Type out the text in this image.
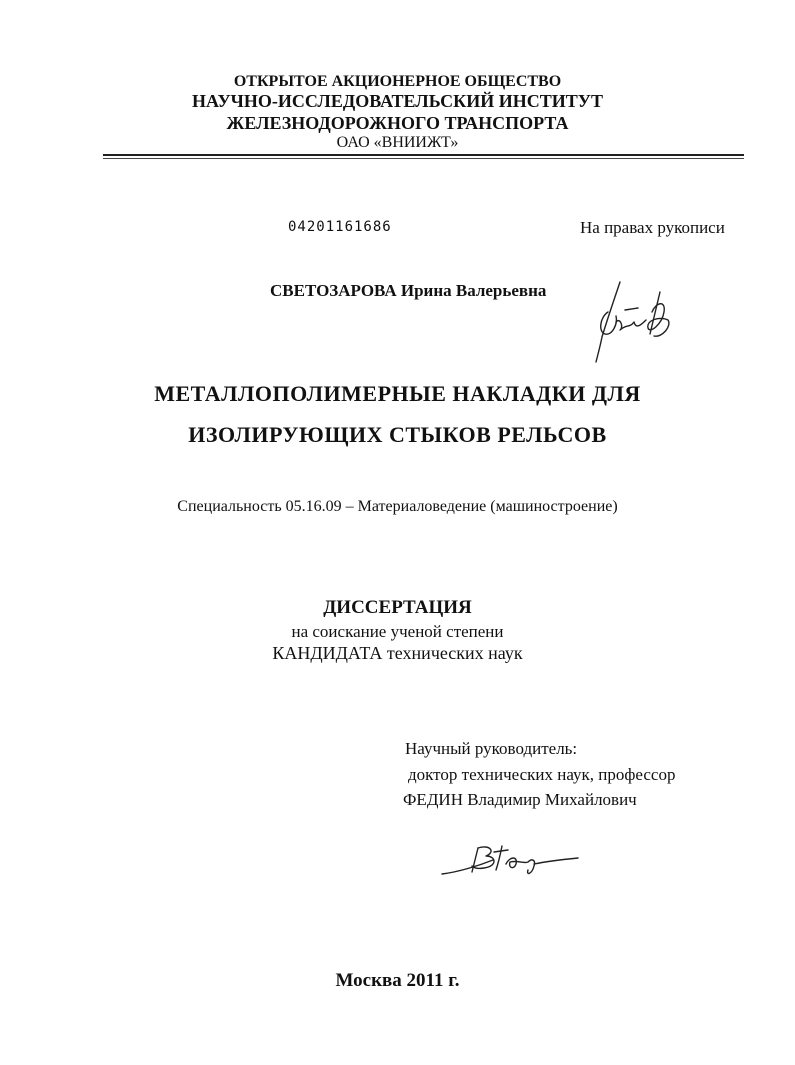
ОТКРЫТОЕ АКЦИОНЕРНОЕ ОБЩЕСТВО
НАУЧНО-ИССЛЕДОВАТЕЛЬСКИЙ ИНСТИТУТ
ЖЕЛЕЗНОДОРОЖНОГО ТРАНСПОРТА
ОАО «ВНИИЖТ»
04201161686	На правах рукописи
СВЕТОЗАРОВА Ирина Валерьевна
МЕТАЛЛОПОЛИМЕРНЫЕ НАКЛАДКИ ДЛЯ
ИЗОЛИРУЮЩИХ СТЫКОВ РЕЛЬСОВ
Специальность 05.16.09 – Материаловедение (машиностроение)
ДИССЕРТАЦИЯ
на соискание ученой степени
КАНДИДАТА технических наук
Научный руководитель:
доктор технических наук, профессор
ФЕДИН Владимир Михайлович
Москва 2011 г.
